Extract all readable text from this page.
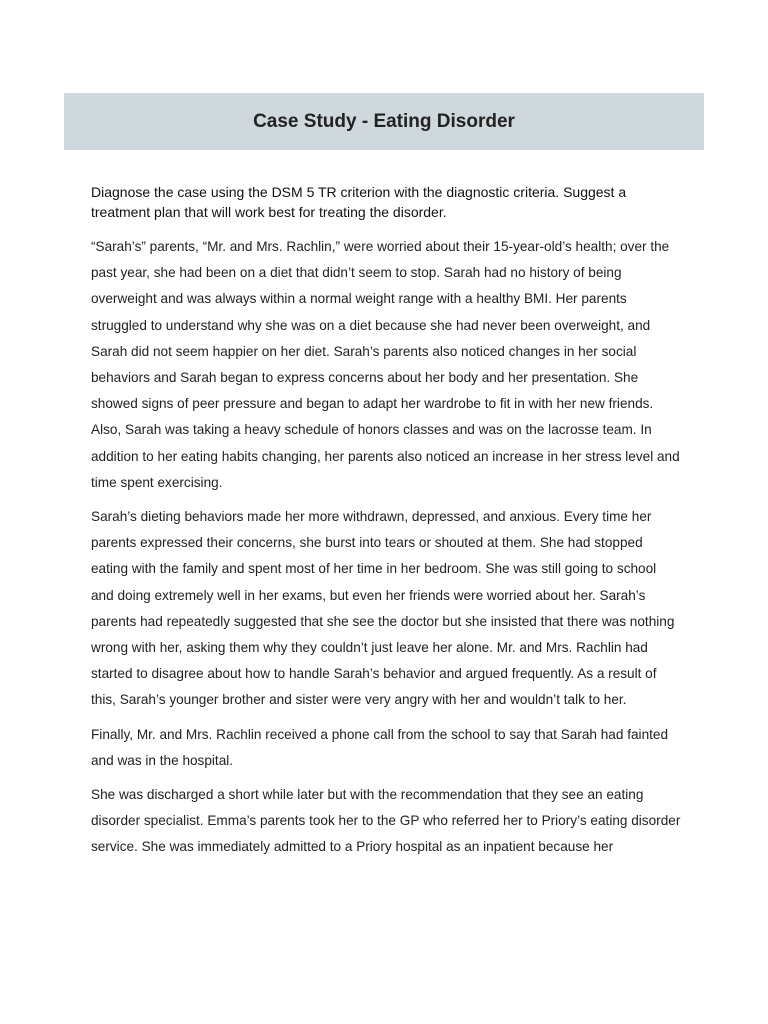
Case Study - Eating Disorder

Diagnose the case using the DSM 5 TR criterion with the diagnostic criteria. Suggest a treatment plan that will work best for treating the disorder.

“Sarah’s” parents, “Mr. and Mrs. Rachlin,” were worried about their 15-year-old’s health; over the past year, she had been on a diet that didn’t seem to stop. Sarah had no history of being overweight and was always within a normal weight range with a healthy BMI. Her parents struggled to understand why she was on a diet because she had never been overweight, and Sarah did not seem happier on her diet. Sarah’s parents also noticed changes in her social behaviors and Sarah began to express concerns about her body and her presentation. She showed signs of peer pressure and began to adapt her wardrobe to fit in with her new friends. Also, Sarah was taking a heavy schedule of honors classes and was on the lacrosse team. In addition to her eating habits changing, her parents also noticed an increase in her stress level and time spent exercising.

Sarah’s dieting behaviors made her more withdrawn, depressed, and anxious. Every time her parents expressed their concerns, she burst into tears or shouted at them. She had stopped eating with the family and spent most of her time in her bedroom. She was still going to school and doing extremely well in her exams, but even her friends were worried about her. Sarah’s parents had repeatedly suggested that she see the doctor but she insisted that there was nothing wrong with her, asking them why they couldn’t just leave her alone. Mr. and Mrs. Rachlin had started to disagree about how to handle Sarah’s behavior and argued frequently. As a result of this, Sarah’s younger brother and sister were very angry with her and wouldn’t talk to her.

Finally, Mr. and Mrs. Rachlin received a phone call from the school to say that Sarah had fainted and was in the hospital.

She was discharged a short while later but with the recommendation that they see an eating disorder specialist. Emma’s parents took her to the GP who referred her to Priory’s eating disorder service. She was immediately admitted to a Priory hospital as an inpatient because her
